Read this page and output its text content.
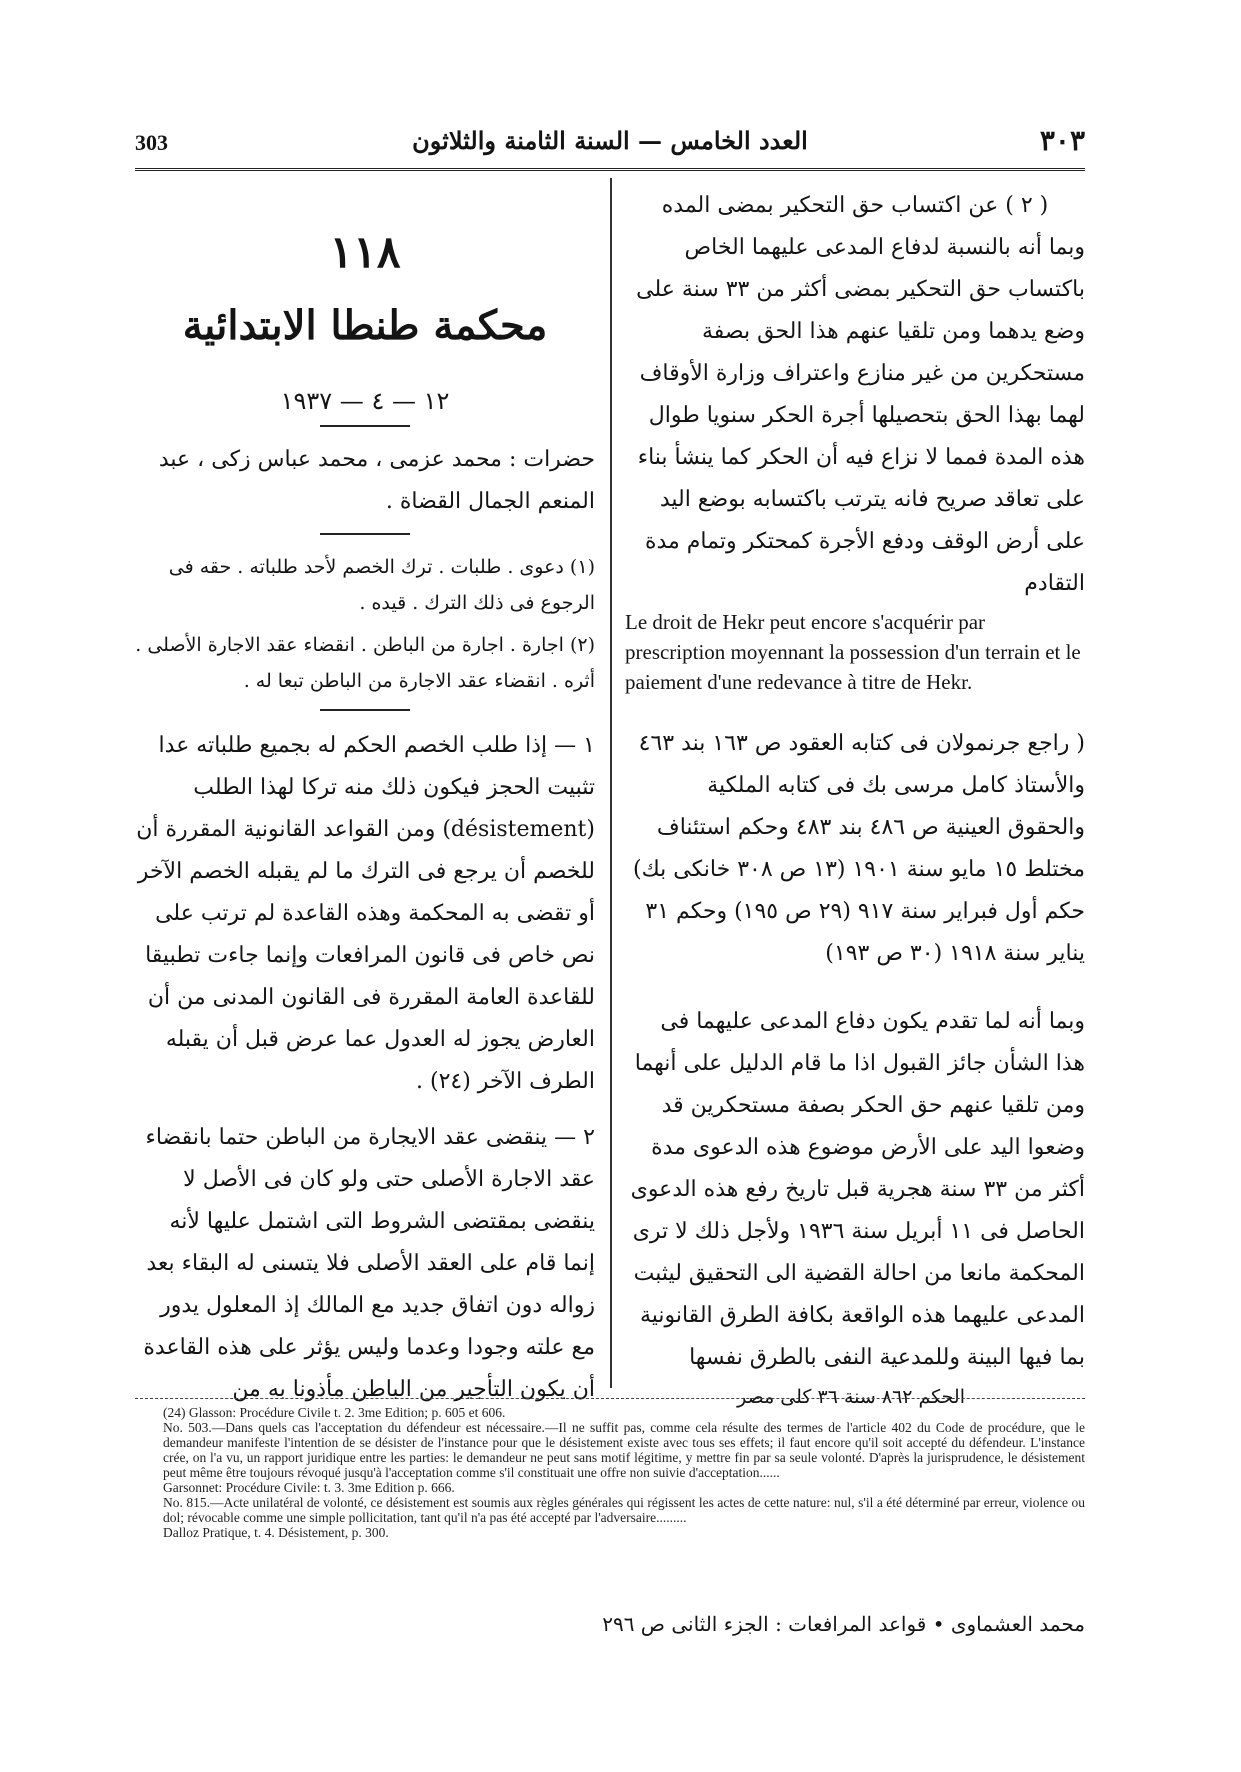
303	العدد الخامس — السنة الثامنة والثلاثون	٣٠٣

( ٢ ) عن اكتساب حق التحكير بمضى المده

وبما أنه بالنسبة لدفاع المدعى عليهما الخاص باكتساب حق التحكير بمضى أكثر من ٣٣ سنة على وضع يدهما ومن تلقيا عنهم هذا الحق بصفة مستحكرين من غير منازع واعتراف وزارة الأوقاف لهما بهذا الحق بتحصيلها أجرة الحكر سنويا طوال هذه المدة فمما لا نزاع فيه أن الحكر كما ينشأ بناء على تعاقد صريح فانه يترتب باكتسابه بوضع اليد على أرض الوقف ودفع الأجرة كمحتكر وتمام مدة التقادم

Le droit de Hekr peut encore s'acquérir par prescription moyennant la possession d'un terrain et le paiement d'une redevance à titre de Hekr.

( راجع جرنمولان فى كتابه العقود ص ١٦٣ بند ٤٦٣ والأستاذ كامل مرسى بك فى كتابه الملكية والحقوق العينية ص ٤٨٦ بند ٤٨٣ وحكم استئناف مختلط ١٥ مايو سنة ١٩٠١ (١٣ ص ٣٠٨ خانكى بك) حكم أول فبراير سنة ٩١٧ (٢٩ ص ١٩٥) وحكم ٣١ يناير سنة ١٩١٨ (٣٠ ص ١٩٣)

وبما أنه لما تقدم يكون دفاع المدعى عليهما فى هذا الشأن جائز القبول اذا ما قام الدليل على أنهما ومن تلقيا عنهم حق الحكر بصفة مستحكرين قد وضعوا اليد على الأرض موضوع هذه الدعوى مدة أكثر من ٣٣ سنة هجرية قبل تاريخ رفع هذه الدعوى الحاصل فى ١١ أبريل سنة ١٩٣٦ ولأجل ذلك لا ترى المحكمة مانعا من احالة القضية الى التحقيق ليثبت المدعى عليهما هذه الواقعة بكافة الطرق القانونية بما فيها البينة وللمدعية النفى بالطرق نفسها

الحكم ٨٦٢ سنة ٣٦ كلى مصر

١١٨
محكمة طنطا الابتدائية
١٢ — ٤ — ١٩٣٧

حضرات : محمد عزمى ، محمد عباس زكى ، عبد المنعم الجمال القضاة .

(١) دعوى . طلبات . ترك الخصم لأحد طلباته . حقه فى الرجوع فى ذلك الترك . قيده .

(٢) اجارة . اجارة من الباطن . انقضاء عقد الاجارة الأصلى . أثره . انقضاء عقد الاجارة من الباطن تبعا له .

١ — إذا طلب الخصم الحكم له بجميع طلباته عدا تثبيت الحجز فيكون ذلك منه تركا لهذا الطلب (désistement) ومن القواعد القانونية المقررة أن للخصم أن يرجع فى الترك ما لم يقبله الخصم الآخر أو تقضى به المحكمة وهذه القاعدة لم ترتب على نص خاص فى قانون المرافعات وإنما جاءت تطبيقا للقاعدة العامة المقررة فى القانون المدنى من أن العارض يجوز له العدول عما عرض قبل أن يقبله الطرف الآخر (٢٤) .

٢ — ينقضى عقد الايجارة من الباطن حتما بانقضاء عقد الاجارة الأصلى حتى ولو كان فى الأصل لا ينقضى بمقتضى الشروط التى اشتمل عليها لأنه إنما قام على العقد الأصلى فلا يتسنى له البقاء بعد زواله دون اتفاق جديد مع المالك إذ المعلول يدور مع علته وجودا وعدما وليس يؤثر على هذه القاعدة أن يكون التأجير من الباطن مأذونا به من

(24) Glasson: Procédure Civile t. 2. 3me Edition; p. 605 et 606.

No. 503.—Dans quels cas l'acceptation du défendeur est nécessaire.—Il ne suffit pas, comme cela résulte des termes de l'article 402 du Code de procédure, que le demandeur manifeste l'intention de se désister de l'instance pour que le désistement existe avec tous ses effets; il faut encore qu'il soit accepté du défendeur. L'instance crée, on l'a vu, un rapport juridique entre les parties: le demandeur ne peut sans motif légitime, y mettre fin par sa seule volonté. D'après la jurisprudence, le désistement peut même être toujours révoqué jusqu'à l'acceptation comme s'il constituait une offre non suivie d'acceptation......

Garsonnet: Procédure Civile: t. 3. 3me Edition p. 666.

No. 815.—Acte unilatéral de volonté, ce désistement est soumis aux règles générales qui régissent les actes de cette nature: nul, s'il a été déterminé par erreur, violence ou dol; révocable comme une simple pollicitation, tant qu'il n'a pas été accepté par l'adversaire.........

Dalloz Pratique, t. 4. Désistement, p. 300.

محمد العشماوى • قواعد المرافعات : الجزء الثانى ص ٢٩٦
